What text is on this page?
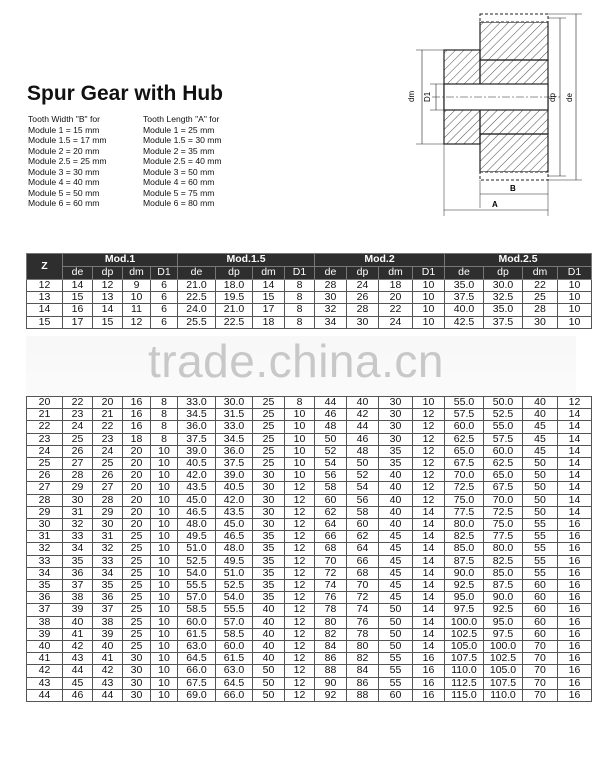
Spur Gear with Hub
Tooth Width "B" for
Module 1 = 15 mm
Module 1.5 = 17 mm
Module 2 = 20 mm
Module 2.5 = 25 mm
Module 3 = 30 mm
Module 4 = 40 mm
Module 5 = 50 mm
Module 6 = 60 mm
Tooth Length "A" for
Module 1 = 25 mm
Module 1.5 = 30 mm
Module 2 = 35 mm
Module 2.5 = 40 mm
Module 3 = 50 mm
Module 4 = 60 mm
Module 5 = 75 mm
Module 6 = 80 mm
dm D1	dp de
B
A
Z	Mod.1				Mod.1.5				Mod.2				Mod.2.5			
	de	dp	dm	D1	de	dp	dm	D1	de	dp	dm	D1	de	dp	dm	D1
12	14	12	9	6	21.0	18.0	14	8	28	24	18	10	35.0	30.0	22	10
13	15	13	10	6	22.5	19.5	15	8	30	26	20	10	37.5	32.5	25	10
14	16	14	11	6	24.0	21.0	17	8	32	28	22	10	40.0	35.0	28	10
15	17	15	12	6	25.5	22.5	18	8	34	30	24	10	42.5	37.5	30	10
trade.china.cn
20	22	20	16	8	33.0	30.0	25	8	44	40	30	10	55.0	50.0	40	12
21	23	21	16	8	34.5	31.5	25	10	46	42	30	12	57.5	52.5	40	14
22	24	22	16	8	36.0	33.0	25	10	48	44	30	12	60.0	55.0	45	14
23	25	23	18	8	37.5	34.5	25	10	50	46	30	12	62.5	57.5	45	14
24	26	24	20	10	39.0	36.0	25	10	52	48	35	12	65.0	60.0	45	14
25	27	25	20	10	40.5	37.5	25	10	54	50	35	12	67.5	62.5	50	14
26	28	26	20	10	42.0	39.0	30	10	56	52	40	12	70.0	65.0	50	14
27	29	27	20	10	43.5	40.5	30	12	58	54	40	12	72.5	67.5	50	14
28	30	28	20	10	45.0	42.0	30	12	60	56	40	12	75.0	70.0	50	14
29	31	29	20	10	46.5	43.5	30	12	62	58	40	14	77.5	72.5	50	14
30	32	30	20	10	48.0	45.0	30	12	64	60	40	14	80.0	75.0	55	16
31	33	31	25	10	49.5	46.5	35	12	66	62	45	14	82.5	77.5	55	16
32	34	32	25	10	51.0	48.0	35	12	68	64	45	14	85.0	80.0	55	16
33	35	33	25	10	52.5	49.5	35	12	70	66	45	14	87.5	82.5	55	16
34	36	34	25	10	54.0	51.0	35	12	72	68	45	14	90.0	85.0	55	16
35	37	35	25	10	55.5	52.5	35	12	74	70	45	14	92.5	87.5	60	16
36	38	36	25	10	57.0	54.0	35	12	76	72	45	14	95.0	90.0	60	16
37	39	37	25	10	58.5	55.5	40	12	78	74	50	14	97.5	92.5	60	16
38	40	38	25	10	60.0	57.0	40	12	80	76	50	14	100.0	95.0	60	16
39	41	39	25	10	61.5	58.5	40	12	82	78	50	14	102.5	97.5	60	16
40	42	40	25	10	63.0	60.0	40	12	84	80	50	14	105.0	100.0	70	16
41	43	41	30	10	64.5	61.5	40	12	86	82	55	16	107.5	102.5	70	16
42	44	42	30	10	66.0	63.0	50	12	88	84	55	16	110.0	105.0	70	16
43	45	43	30	10	67.5	64.5	50	12	90	86	55	16	112.5	107.5	70	16
44	46	44	30	10	69.0	66.0	50	12	92	88	60	16	115.0	110.0	70	16
